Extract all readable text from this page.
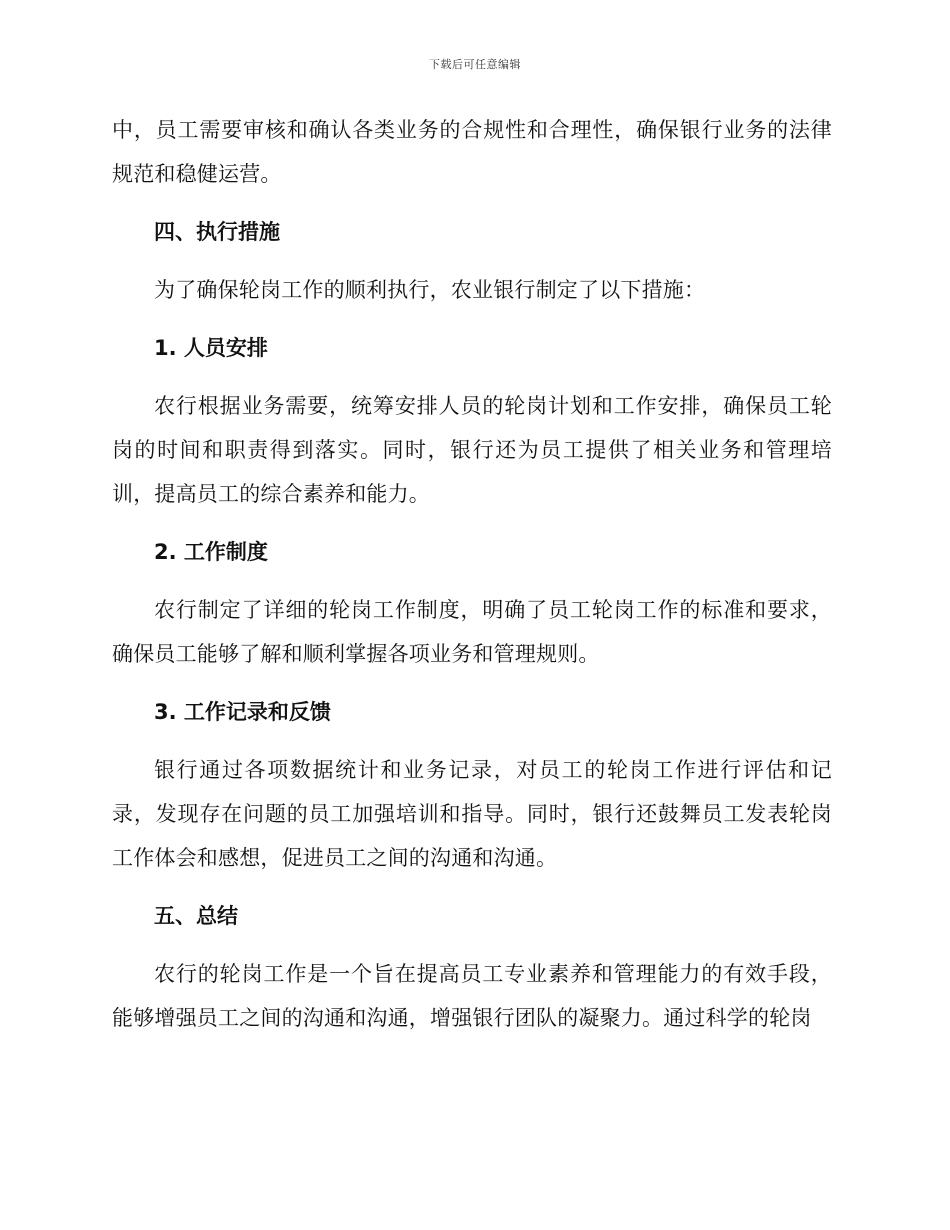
下载后可任意编辑

中，员工需要审核和确认各类业务的合规性和合理性，确保银行业务的法律规范和稳健运营。

四、执行措施

为了确保轮岗工作的顺利执行，农业银行制定了以下措施：

1. 人员安排

农行根据业务需要，统筹安排人员的轮岗计划和工作安排，确保员工轮岗的时间和职责得到落实。同时，银行还为员工提供了相关业务和管理培训，提高员工的综合素养和能力。

2. 工作制度

农行制定了详细的轮岗工作制度，明确了员工轮岗工作的标准和要求，确保员工能够了解和顺利掌握各项业务和管理规则。

3. 工作记录和反馈

银行通过各项数据统计和业务记录，对员工的轮岗工作进行评估和记录，发现存在问题的员工加强培训和指导。同时，银行还鼓舞员工发表轮岗工作体会和感想，促进员工之间的沟通和沟通。

五、总结

农行的轮岗工作是一个旨在提高员工专业素养和管理能力的有效手段，能够增强员工之间的沟通和沟通，增强银行团队的凝聚力。通过科学的轮岗
